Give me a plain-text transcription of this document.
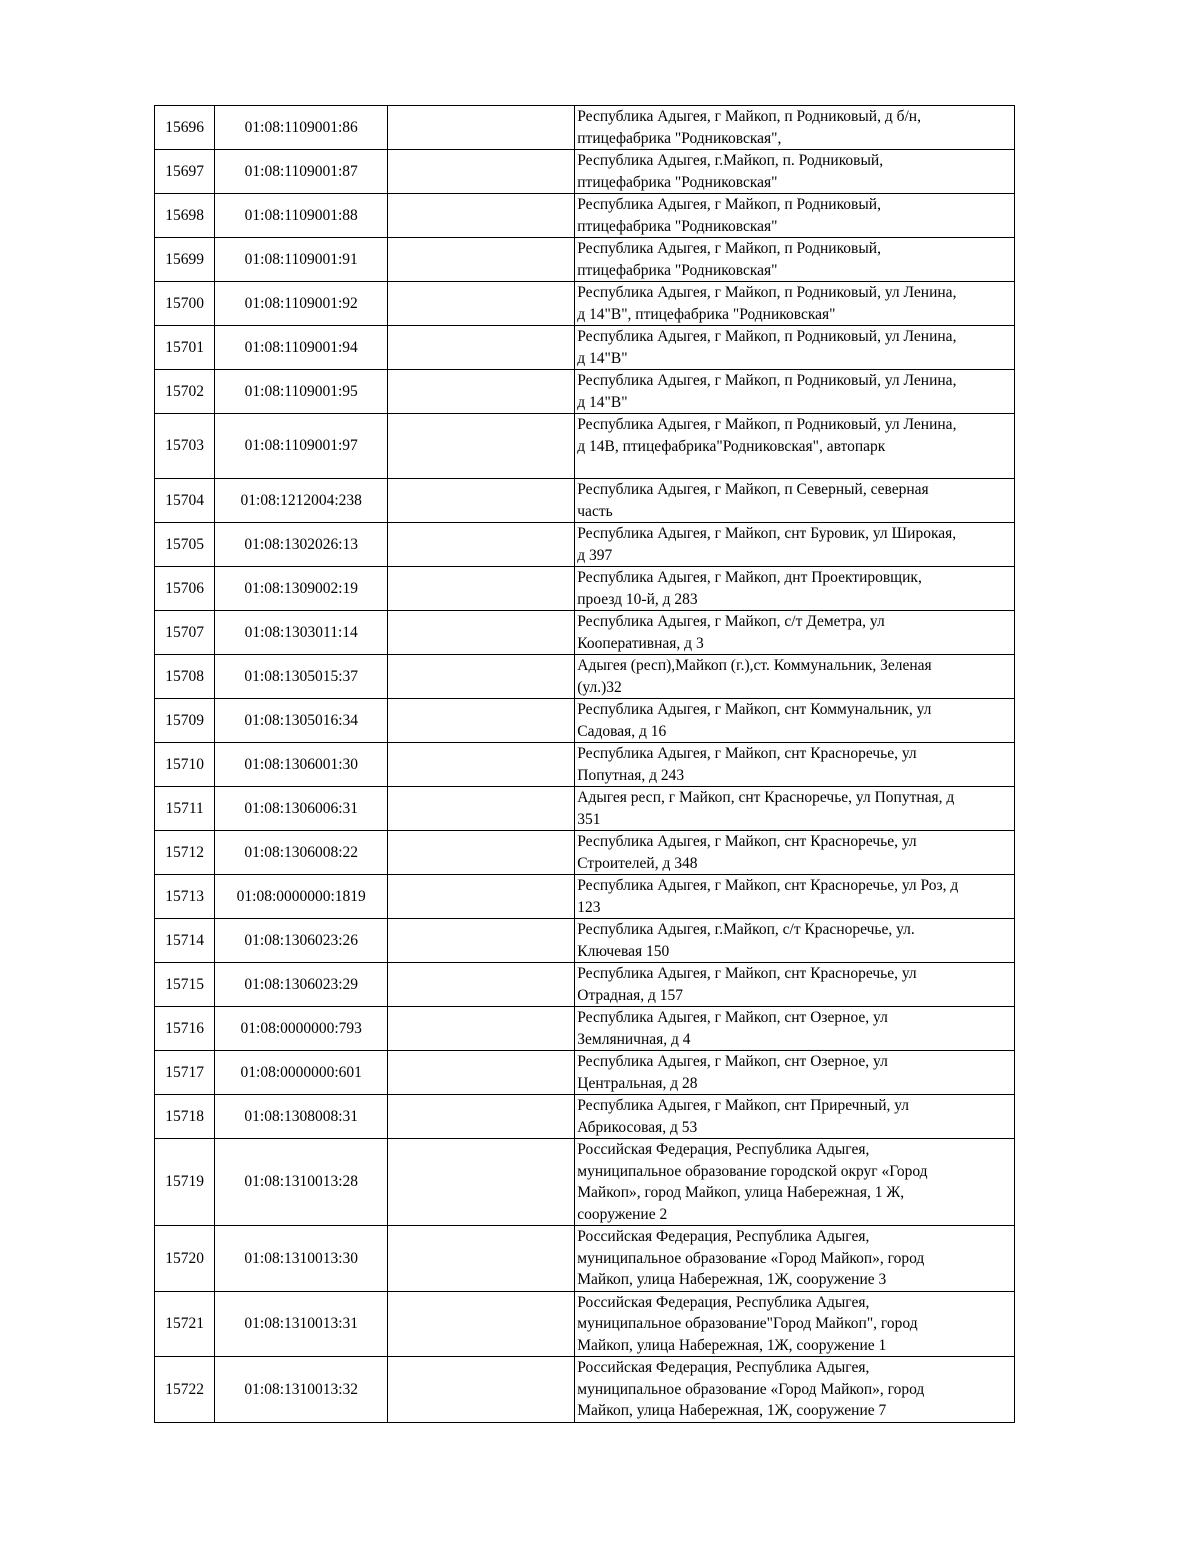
15696	01:08:1109001:86		Республика Адыгея, г Майкоп, п Родниковый, д б/н,
птицефабрика "Родниковская",

15697	01:08:1109001:87		Республика Адыгея, г.Майкоп, п. Родниковый,
птицефабрика "Родниковская"

15698	01:08:1109001:88		Республика Адыгея, г Майкоп, п Родниковый,
птицефабрика "Родниковская"

15699	01:08:1109001:91		Республика Адыгея, г Майкоп, п Родниковый,
птицефабрика "Родниковская"

15700	01:08:1109001:92		Республика Адыгея, г Майкоп, п Родниковый, ул Ленина,
д 14"В", птицефабрика "Родниковская"

15701	01:08:1109001:94		Республика Адыгея, г Майкоп, п Родниковый, ул Ленина,
д 14"В"

15702	01:08:1109001:95		Республика Адыгея, г Майкоп, п Родниковый, ул Ленина,
д 14"В"

15703	01:08:1109001:97		Республика Адыгея, г Майкоп, п Родниковый, ул Ленина,
д 14В, птицефабрика"Родниковская", автопарк

15704	01:08:1212004:238		Республика Адыгея, г Майкоп, п Северный, северная
часть

15705	01:08:1302026:13		Республика Адыгея, г Майкоп, снт Буровик, ул Широкая,
д 397

15706	01:08:1309002:19		Республика Адыгея, г Майкоп, днт Проектировщик,
проезд 10-й, д 283

15707	01:08:1303011:14		Республика Адыгея, г Майкоп, с/т Деметра, ул
Кооперативная, д 3

15708	01:08:1305015:37		Адыгея (респ),Майкоп (г.),ст. Коммунальник, Зеленая
(ул.)32

15709	01:08:1305016:34		Республика Адыгея, г Майкоп, снт Коммунальник, ул
Садовая, д 16

15710	01:08:1306001:30		Республика Адыгея, г Майкоп, снт Красноречье, ул
Попутная, д 243

15711	01:08:1306006:31		Адыгея респ, г Майкоп, снт Красноречье, ул Попутная, д
351

15712	01:08:1306008:22		Республика Адыгея, г Майкоп, снт Красноречье, ул
Строителей, д 348

15713	01:08:0000000:1819		Республика Адыгея, г Майкоп, снт Красноречье, ул Роз, д
123

15714	01:08:1306023:26		Республика Адыгея, г.Майкоп, с/т Красноречье, ул.
Ключевая 150

15715	01:08:1306023:29		Республика Адыгея, г Майкоп, снт Красноречье, ул
Отрадная, д 157

15716	01:08:0000000:793		Республика Адыгея, г Майкоп, снт Озерное, ул
Земляничная, д 4

15717	01:08:0000000:601		Республика Адыгея, г Майкоп, снт Озерное, ул
Центральная, д 28

15718	01:08:1308008:31		Республика Адыгея, г Майкоп, снт Приречный, ул
Абрикосовая, д 53

15719	01:08:1310013:28		Российская Федерация, Республика Адыгея,
муниципальное образование городской округ «Город
Майкоп», город Майкоп, улица Набережная, 1 Ж,
сооружение 2

15720	01:08:1310013:30		Российская Федерация, Республика Адыгея,
муниципальное образование «Город Майкоп», город
Майкоп, улица Набережная, 1Ж, сооружение 3

15721	01:08:1310013:31		Российская Федерация, Республика Адыгея,
муниципальное образование"Город Майкоп", город
Майкоп, улица Набережная, 1Ж, сооружение 1

15722	01:08:1310013:32		Российская Федерация, Республика Адыгея,
муниципальное образование «Город Майкоп», город
Майкоп, улица Набережная, 1Ж, сооружение 7
